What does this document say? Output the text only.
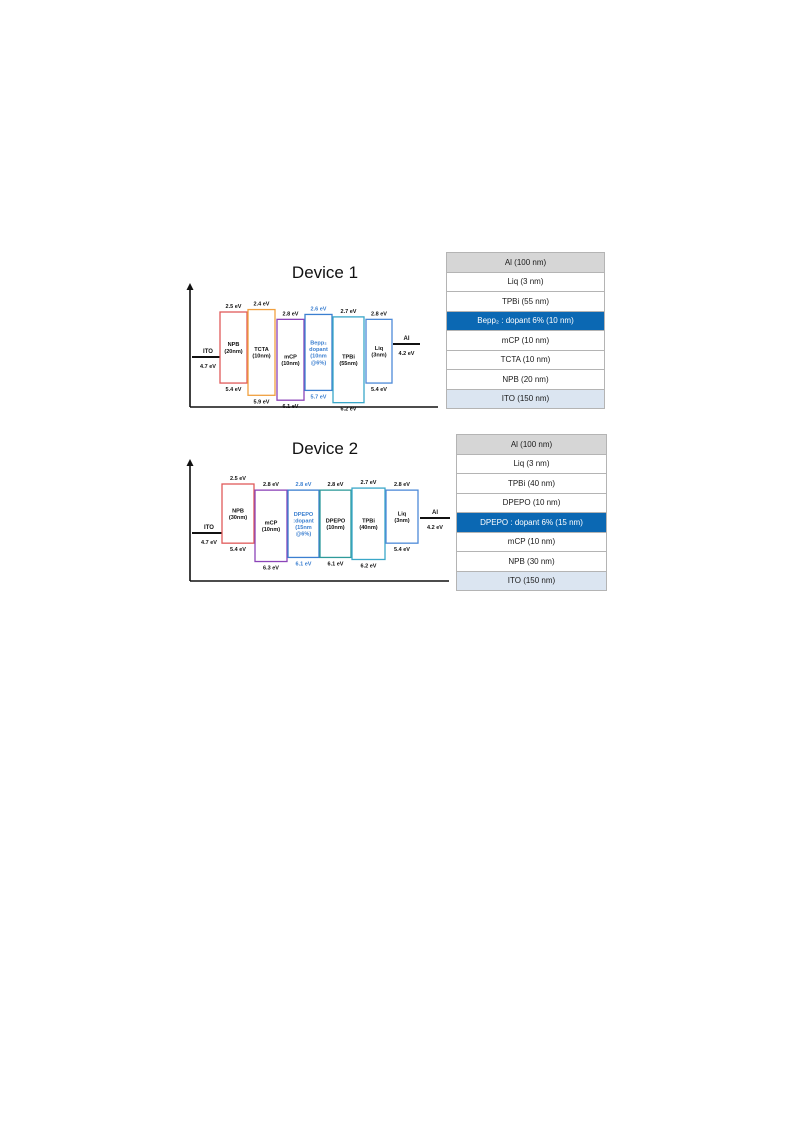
Device 1
ITO
4.7 eV
Al
4.2 eV
2.5 eV
5.4 eV
NPB (20nm)
2.4 eV
5.9 eV
TCTA (10nm)
2.8 eV
6.1 eV
mCP (10nm)
2.6 eV
5.7 eV
Bepp₂ dopant (10nm @6%)
2.7 eV
6.2 eV
TPBi (55nm)
2.8 eV
5.4 eV
Liq (3nm)
Device 2
ITO
4.7 eV
Al
4.2 eV
2.5 eV
5.4 eV
NPB (30nm)
2.8 eV
6.3 eV
mCP (10nm)
2.8 eV
6.1 eV
DPEPO :dopant (15nm @6%)
2.8 eV
6.1 eV
DPEPO (10nm)
2.7 eV
6.2 eV
TPBi (40nm)
2.8 eV
5.4 eV
Liq (3nm)
Al (100 nm)
Liq (3 nm)
TPBi (55 nm)
Bepp₂ : dopant 6% (10 nm)
mCP (10 nm)
TCTA (10 nm)
NPB (20 nm)
ITO (150 nm)
Al (100 nm)
Liq (3 nm)
TPBi (40 nm)
DPEPO (10 nm)
DPEPO : dopant 6% (15 nm)
mCP (10 nm)
NPB (30 nm)
ITO (150 nm)
